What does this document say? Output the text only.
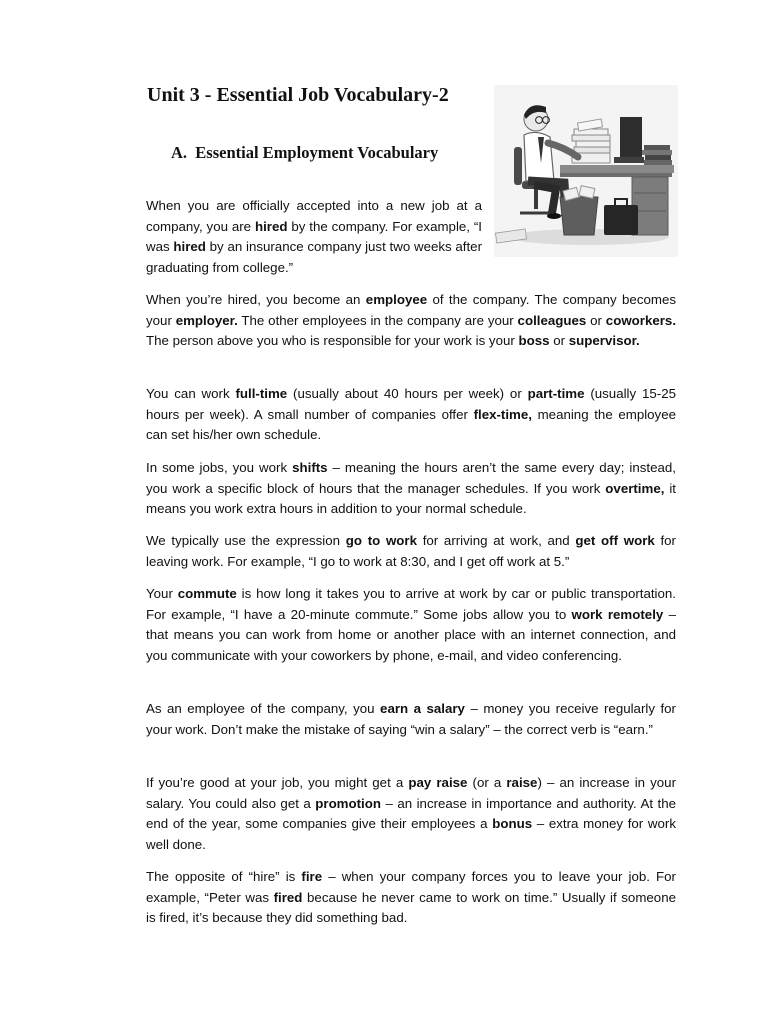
Unit 3 - Essential Job Vocabulary-2
A. Essential Employment Vocabulary

When you are officially accepted into a new job at a company, you are hired by the company. For example, “I was hired by an insurance company just two weeks after graduating from college.”

When you’re hired, you become an employee of the company. The company becomes your employer. The other employees in the company are your colleagues or coworkers. The person above you who is responsible for your work is your boss or supervisor.

You can work full-time (usually about 40 hours per week) or part-time (usually 15-25 hours per week). A small number of companies offer flex-time, meaning the employee can set his/her own schedule.

In some jobs, you work shifts – meaning the hours aren’t the same every day; instead, you work a specific block of hours that the manager schedules. If you work overtime, it means you work extra hours in addition to your normal schedule.

We typically use the expression go to work for arriving at work, and get off work for leaving work. For example, “I go to work at 8:30, and I get off work at 5.”

Your commute is how long it takes you to arrive at work by car or public transportation. For example, “I have a 20-minute commute.” Some jobs allow you to work remotely – that means you can work from home or another place with an internet connection, and you communicate with your coworkers by phone, e-mail, and video conferencing.

As an employee of the company, you earn a salary – money you receive regularly for your work. Don’t make the mistake of saying “win a salary” – the correct verb is “earn.”

If you’re good at your job, you might get a pay raise (or a raise) – an increase in your salary. You could also get a promotion – an increase in importance and authority. At the end of the year, some companies give their employees a bonus – extra money for work well done.

The opposite of “hire” is fire – when your company forces you to leave your job. For example, “Peter was fired because he never came to work on time.” Usually if someone is fired, it’s because they did something bad.
